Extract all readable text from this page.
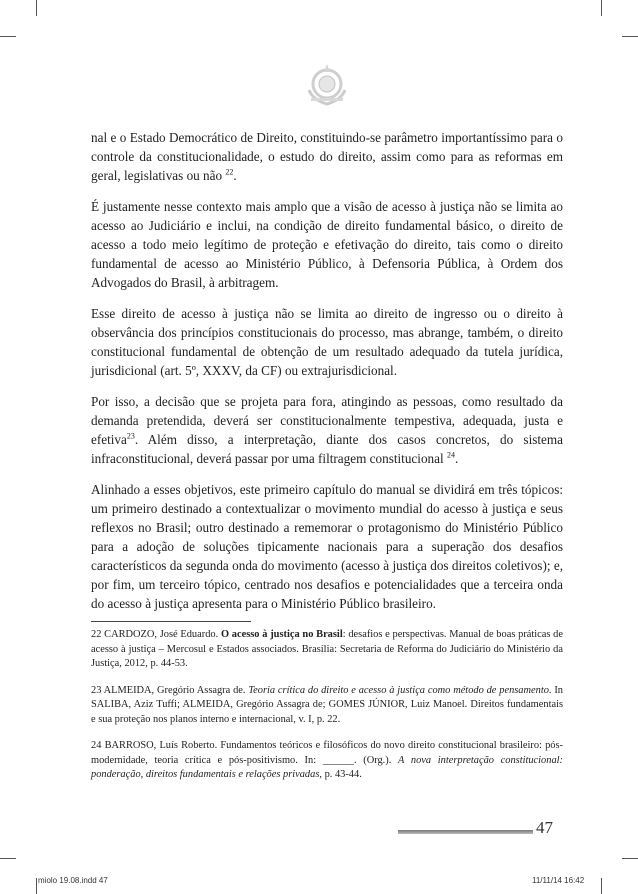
nal e o Estado Democrático de Direito, constituindo-se parâmetro importantíssimo para o controle da constitucionalidade, o estudo do direito, assim como para as reformas em geral, legislativas ou não $^{22}$.

É justamente nesse contexto mais amplo que a visão de acesso à justiça não se limita ao acesso ao Judiciário e inclui, na condição de direito fundamental básico, o direito de acesso a todo meio legítimo de proteção e efetivação do direito, tais como o direito fundamental de acesso ao Ministério Público, à Defensoria Pública, à Ordem dos Advogados do Brasil, à arbitragem.

Esse direito de acesso à justiça não se limita ao direito de ingresso ou o direito à observância dos princípios constitucionais do processo, mas abrange, também, o direito constitucional fundamental de obtenção de um resultado adequado da tutela jurídica, jurisdicional (art. 5º, XXXV, da CF) ou extrajurisdicional.

Por isso, a decisão que se projeta para fora, atingindo as pessoas, como resultado da demanda pretendida, deverá ser constitucionalmente tempestiva, adequada, justa e efetiva$^{23}$. Além disso, a interpretação, diante dos casos concretos, do sistema infraconstitucional, deverá passar por uma filtragem constitucional $^{24}$.

Alinhado a esses objetivos, este primeiro capítulo do manual se dividirá em três tópicos: um primeiro destinado a contextualizar o movimento mundial do acesso à justiça e seus reflexos no Brasil; outro destinado a rememorar o protagonismo do Ministério Público para a adoção de soluções tipicamente nacionais para a superação dos desafios característicos da segunda onda do movimento (acesso à justiça dos direitos coletivos); e, por fim, um terceiro tópico, centrado nos desafios e potencialidades que a terceira onda do acesso à justiça apresenta para o Ministério Público brasileiro.

22 CARDOZO, José Eduardo. O acesso à justiça no Brasil: desafios e perspectivas. Manual de boas práticas de acesso à justiça – Mercosul e Estados associados. Brasília: Secretaria de Reforma do Judiciário do Ministério da Justiça, 2012, p. 44-53.

23 ALMEIDA, Gregório Assagra de. Teoria crítica do direito e acesso à justiça como método de pensamento. In SALIBA, Aziz Tuffi; ALMEIDA, Gregório Assagra de; GOMES JÚNIOR, Luiz Manoel. Direitos fundamentais e sua proteção nos planos interno e internacional, v. I, p. 22.

24 BARROSO, Luís Roberto. Fundamentos teóricos e filosóficos do novo direito constitucional brasileiro: pós-modernidade, teoria crítica e pós-positivismo. In: ______. (Org.). A nova interpretação constitucional: ponderação, direitos fundamentais e relações privadas, p. 43-44.

47
miolo 19.08.indd 47	11/11/14 16:42
